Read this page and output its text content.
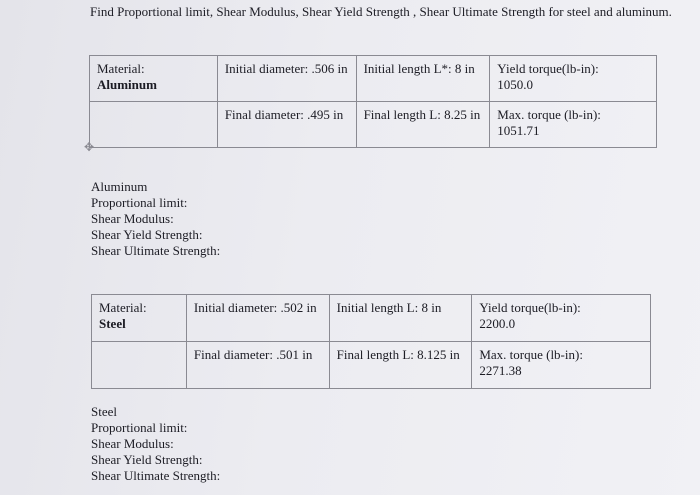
Find Proportional limit, Shear Modulus, Shear Yield Strength , Shear Ultimate Strength for steel and aluminum.
Material:
Aluminum	Initial diameter: .506 in	Initial length L*: 8 in	Yield torque(lb-in):
1050.0

	Final diameter: .495 in	Final length L: 8.25 in	Max. torque (lb-in):
1051.71
✥
Aluminum
Proportional limit:
Shear Modulus:
Shear Yield Strength:
Shear Ultimate Strength:
Material:
Steel	Initial diameter: .502 in	Initial length L: 8 in	Yield torque(lb-in):
2200.0

	Final diameter: .501 in	Final length L: 8.125 in	Max. torque (lb-in):
2271.38
Steel
Proportional limit:
Shear Modulus:
Shear Yield Strength:
Shear Ultimate Strength:
